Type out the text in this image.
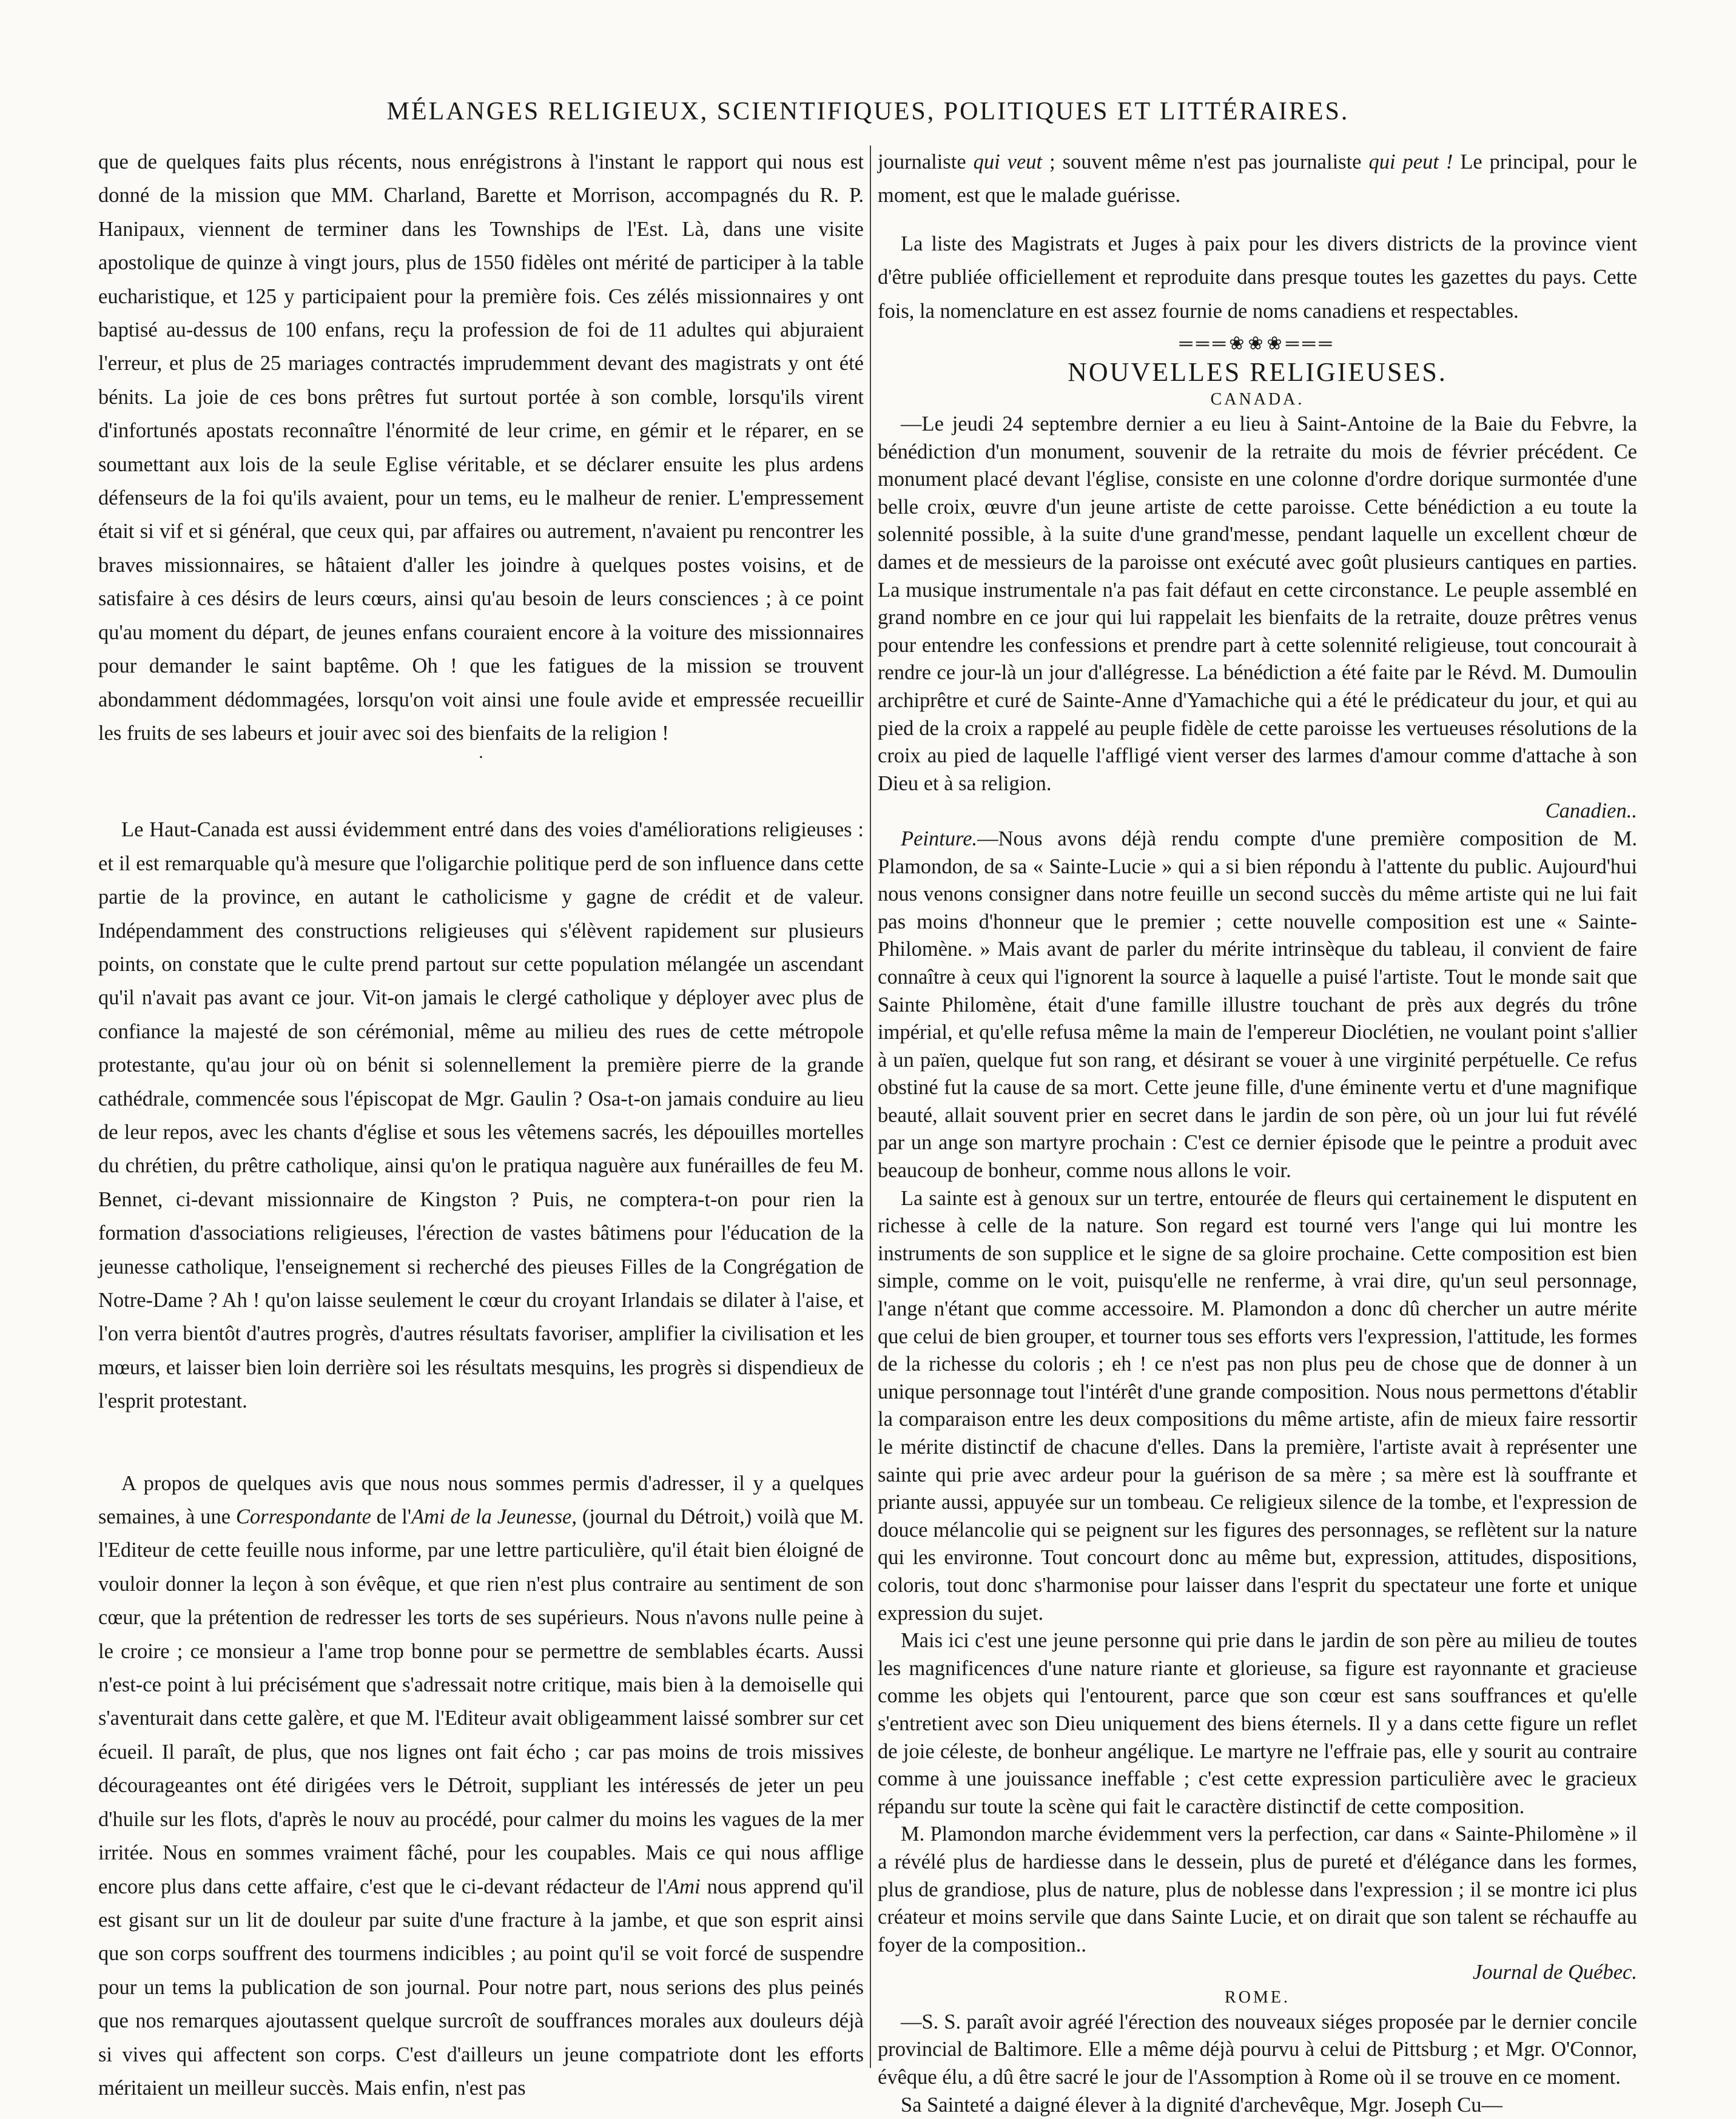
MÉLANGES RELIGIEUX, SCIENTIFIQUES, POLITIQUES ET LITTÉRAIRES.

que de quelques faits plus récents, nous enrégistrons à l'instant le rapport qui nous est donné de la mission que MM. Charland, Barette et Morrison, accompagnés du R. P. Hanipaux, viennent de terminer dans les Townships de l'Est. Là, dans une visite apostolique de quinze à vingt jours, plus de 1550 fidèles ont mérité de participer à la table eucharistique, et 125 y participaient pour la première fois. Ces zélés missionnaires y ont baptisé au-dessus de 100 enfans, reçu la profession de foi de 11 adultes qui abjuraient l'erreur, et plus de 25 mariages contractés imprudemment devant des magistrats y ont été bénits. La joie de ces bons prêtres fut surtout portée à son comble, lorsqu'ils virent d'infortunés apostats reconnaître l'énormité de leur crime, en gémir et le réparer, en se soumettant aux lois de la seule Eglise véritable, et se déclarer ensuite les plus ardens défenseurs de la foi qu'ils avaient, pour un tems, eu le malheur de renier. L'empressement était si vif et si général, que ceux qui, par affaires ou autrement, n'avaient pu rencontrer les braves missionnaires, se hâtaient d'aller les joindre à quelques postes voisins, et de satisfaire à ces désirs de leurs cœurs, ainsi qu'au besoin de leurs consciences ; à ce point qu'au moment du départ, de jeunes enfans couraient encore à la voiture des missionnaires pour demander le saint baptême. Oh ! que les fatigues de la mission se trouvent abondamment dédommagées, lorsqu'on voit ainsi une foule avide et empressée recueillir les fruits de ses labeurs et jouir avec soi des bienfaits de la religion !

·

Le Haut-Canada est aussi évidemment entré dans des voies d'améliorations religieuses : et il est remarquable qu'à mesure que l'oligarchie politique perd de son influence dans cette partie de la province, en autant le catholicisme y gagne de crédit et de valeur. Indépendamment des constructions religieuses qui s'élèvent rapidement sur plusieurs points, on constate que le culte prend partout sur cette population mélangée un ascendant qu'il n'avait pas avant ce jour. Vit-on jamais le clergé catholique y déployer avec plus de confiance la majesté de son cérémonial, même au milieu des rues de cette métropole protestante, qu'au jour où on bénit si solennellement la première pierre de la grande cathédrale, commencée sous l'épiscopat de Mgr. Gaulin ? Osa-t-on jamais conduire au lieu de leur repos, avec les chants d'église et sous les vêtemens sacrés, les dépouilles mortelles du chrétien, du prêtre catholique, ainsi qu'on le pratiqua naguère aux funérailles de feu M. Bennet, ci-devant missionnaire de Kingston ? Puis, ne comptera-t-on pour rien la formation d'associations religieuses, l'érection de vastes bâtimens pour l'éducation de la jeunesse catholique, l'enseignement si recherché des pieuses Filles de la Congrégation de Notre-Dame ? Ah ! qu'on laisse seulement le cœur du croyant Irlandais se dilater à l'aise, et l'on verra bientôt d'autres progrès, d'autres résultats favoriser, amplifier la civilisation et les mœurs, et laisser bien loin derrière soi les résultats mesquins, les progrès si dispendieux de l'esprit protestant.

A propos de quelques avis que nous nous sommes permis d'adresser, il y a quelques semaines, à une Correspondante de l'Ami de la Jeunesse, (journal du Détroit,) voilà que M. l'Editeur de cette feuille nous informe, par une lettre particulière, qu'il était bien éloigné de vouloir donner la leçon à son évêque, et que rien n'est plus contraire au sentiment de son cœur, que la prétention de redresser les torts de ses supérieurs. Nous n'avons nulle peine à le croire ; ce monsieur a l'ame trop bonne pour se permettre de semblables écarts. Aussi n'est-ce point à lui précisément que s'adressait notre critique, mais bien à la demoiselle qui s'aventurait dans cette galère, et que M. l'Editeur avait obligeamment laissé sombrer sur cet écueil. Il paraît, de plus, que nos lignes ont fait écho ; car pas moins de trois missives décourageantes ont été dirigées vers le Détroit, suppliant les intéressés de jeter un peu d'huile sur les flots, d'après le nouv au procédé, pour calmer du moins les vagues de la mer irritée. Nous en sommes vraiment fâché, pour les coupables. Mais ce qui nous afflige encore plus dans cette affaire, c'est que le ci-devant rédacteur de l'Ami nous apprend qu'il est gisant sur un lit de douleur par suite d'une fracture à la jambe, et que son esprit ainsi que son corps souffrent des tourmens indicibles ; au point qu'il se voit forcé de suspendre pour un tems la publication de son journal. Pour notre part, nous serions des plus peinés que nos remarques ajoutassent quelque surcroît de souffrances morales aux douleurs déjà si vives qui affectent son corps. C'est d'ailleurs un jeune compatriote dont les efforts méritaient un meilleur succès. Mais enfin, n'est pas

journaliste qui veut ; souvent même n'est pas journaliste qui peut ! Le principal, pour le moment, est que le malade guérisse.

La liste des Magistrats et Juges à paix pour les divers districts de la province vient d'être publiée officiellement et reproduite dans presque toutes les gazettes du pays. Cette fois, la nomenclature en est assez fournie de noms canadiens et respectables.

═══❀❀❀═══
NOUVELLES RELIGIEUSES.
CANADA.

—Le jeudi 24 septembre dernier a eu lieu à Saint-Antoine de la Baie du Febvre, la bénédiction d'un monument, souvenir de la retraite du mois de février précédent. Ce monument placé devant l'église, consiste en une colonne d'ordre dorique surmontée d'une belle croix, œuvre d'un jeune artiste de cette paroisse. Cette bénédiction a eu toute la solennité possible, à la suite d'une grand'messe, pendant laquelle un excellent chœur de dames et de messieurs de la paroisse ont exécuté avec goût plusieurs cantiques en parties. La musique instrumentale n'a pas fait défaut en cette circonstance. Le peuple assemblé en grand nombre en ce jour qui lui rappelait les bienfaits de la retraite, douze prêtres venus pour entendre les confessions et prendre part à cette solennité religieuse, tout concourait à rendre ce jour-là un jour d'allégresse. La bénédiction a été faite par le Révd. M. Dumoulin archiprêtre et curé de Sainte-Anne d'Yamachiche qui a été le prédicateur du jour, et qui au pied de la croix a rappelé au peuple fidèle de cette paroisse les vertueuses résolutions de la croix au pied de laquelle l'affligé vient verser des larmes d'amour comme d'attache à son Dieu et à sa religion.

Canadien..

Peinture.—Nous avons déjà rendu compte d'une première composition de M. Plamondon, de sa « Sainte-Lucie » qui a si bien répondu à l'attente du public. Aujourd'hui nous venons consigner dans notre feuille un second succès du même artiste qui ne lui fait pas moins d'honneur que le premier ; cette nouvelle composition est une « Sainte-Philomène. » Mais avant de parler du mérite intrinsèque du tableau, il convient de faire connaître à ceux qui l'ignorent la source à laquelle a puisé l'artiste. Tout le monde sait que Sainte Philomène, était d'une famille illustre touchant de près aux degrés du trône impérial, et qu'elle refusa même la main de l'empereur Dioclétien, ne voulant point s'allier à un païen, quelque fut son rang, et désirant se vouer à une virginité perpétuelle. Ce refus obstiné fut la cause de sa mort. Cette jeune fille, d'une éminente vertu et d'une magnifique beauté, allait souvent prier en secret dans le jardin de son père, où un jour lui fut révélé par un ange son martyre prochain : C'est ce dernier épisode que le peintre a produit avec beaucoup de bonheur, comme nous allons le voir.

La sainte est à genoux sur un tertre, entourée de fleurs qui certainement le disputent en richesse à celle de la nature. Son regard est tourné vers l'ange qui lui montre les instruments de son supplice et le signe de sa gloire prochaine. Cette composition est bien simple, comme on le voit, puisqu'elle ne renferme, à vrai dire, qu'un seul personnage, l'ange n'étant que comme accessoire. M. Plamondon a donc dû chercher un autre mérite que celui de bien grouper, et tourner tous ses efforts vers l'expression, l'attitude, les formes de la richesse du coloris ; eh ! ce n'est pas non plus peu de chose que de donner à un unique personnage tout l'intérêt d'une grande composition. Nous nous permettons d'établir la comparaison entre les deux compositions du même artiste, afin de mieux faire ressortir le mérite distinctif de chacune d'elles. Dans la première, l'artiste avait à représenter une sainte qui prie avec ardeur pour la guérison de sa mère ; sa mère est là souffrante et priante aussi, appuyée sur un tombeau. Ce religieux silence de la tombe, et l'expression de douce mélancolie qui se peignent sur les figures des personnages, se reflètent sur la nature qui les environne. Tout concourt donc au même but, expression, attitudes, dispositions, coloris, tout donc s'harmonise pour laisser dans l'esprit du spectateur une forte et unique expression du sujet.

Mais ici c'est une jeune personne qui prie dans le jardin de son père au milieu de toutes les magnificences d'une nature riante et glorieuse, sa figure est rayonnante et gracieuse comme les objets qui l'entourent, parce que son cœur est sans souffrances et qu'elle s'entretient avec son Dieu uniquement des biens éternels. Il y a dans cette figure un reflet de joie céleste, de bonheur angélique. Le martyre ne l'effraie pas, elle y sourit au contraire comme à une jouissance ineffable ; c'est cette expression particulière avec le gracieux répandu sur toute la scène qui fait le caractère distinctif de cette composition.

M. Plamondon marche évidemment vers la perfection, car dans « Sainte-Philomène » il a révélé plus de hardiesse dans le dessein, plus de pureté et d'élégance dans les formes, plus de grandiose, plus de nature, plus de noblesse dans l'expression ; il se montre ici plus créateur et moins servile que dans Sainte Lucie, et on dirait que son talent se réchauffe au foyer de la composition..

Journal de Québec.

ROME.

—S. S. paraît avoir agréé l'érection des nouveaux siéges proposée par le dernier concile provincial de Baltimore. Elle a même déjà pourvu à celui de Pittsburg ; et Mgr. O'Connor, évêque élu, a dû être sacré le jour de l'Assomption à Rome où il se trouve en ce moment.

Sa Sainteté a daigné élever à la dignité d'archevêque, Mgr. Joseph Cu—
